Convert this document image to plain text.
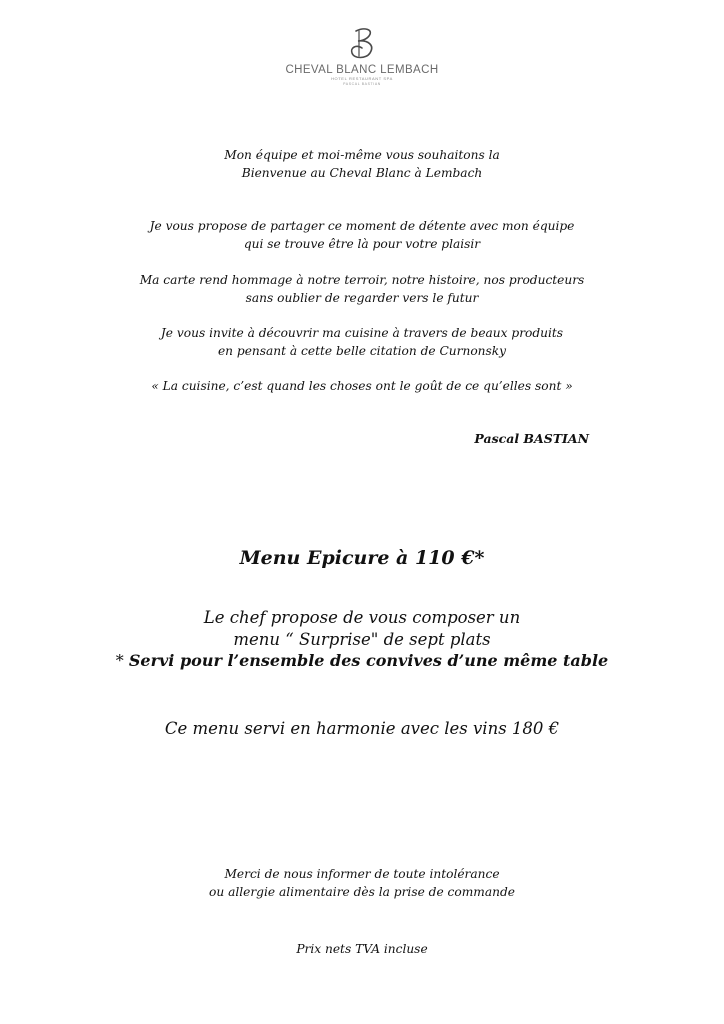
CHEVAL BLANC LEMBACH
HOTEL RESTAURANT SPA
PASCAL BASTIAN

Mon équipe et moi-même vous souhaitons la

Bienvenue au Cheval Blanc à Lembach

Je vous propose de partager ce moment de détente avec mon équipe

qui se trouve être là pour votre plaisir

Ma carte rend hommage à notre terroir, notre histoire, nos producteurs

sans oublier de regarder vers le futur

Je vous invite à découvrir ma cuisine à travers de beaux produits

en pensant à cette belle citation de Curnonsky

« La cuisine, c’est quand les choses ont le goût de ce qu’elles sont »

Pascal BASTIAN
Menu Epicure à 110 €*

Le chef propose de vous composer un

menu “ Surprise" de sept plats

* Servi pour l’ensemble des convives d’une même table
Ce menu servi en harmonie avec les vins 180 €

Merci de nous informer de toute intolérance

ou allergie alimentaire dès la prise de commande

Prix nets TVA incluse
